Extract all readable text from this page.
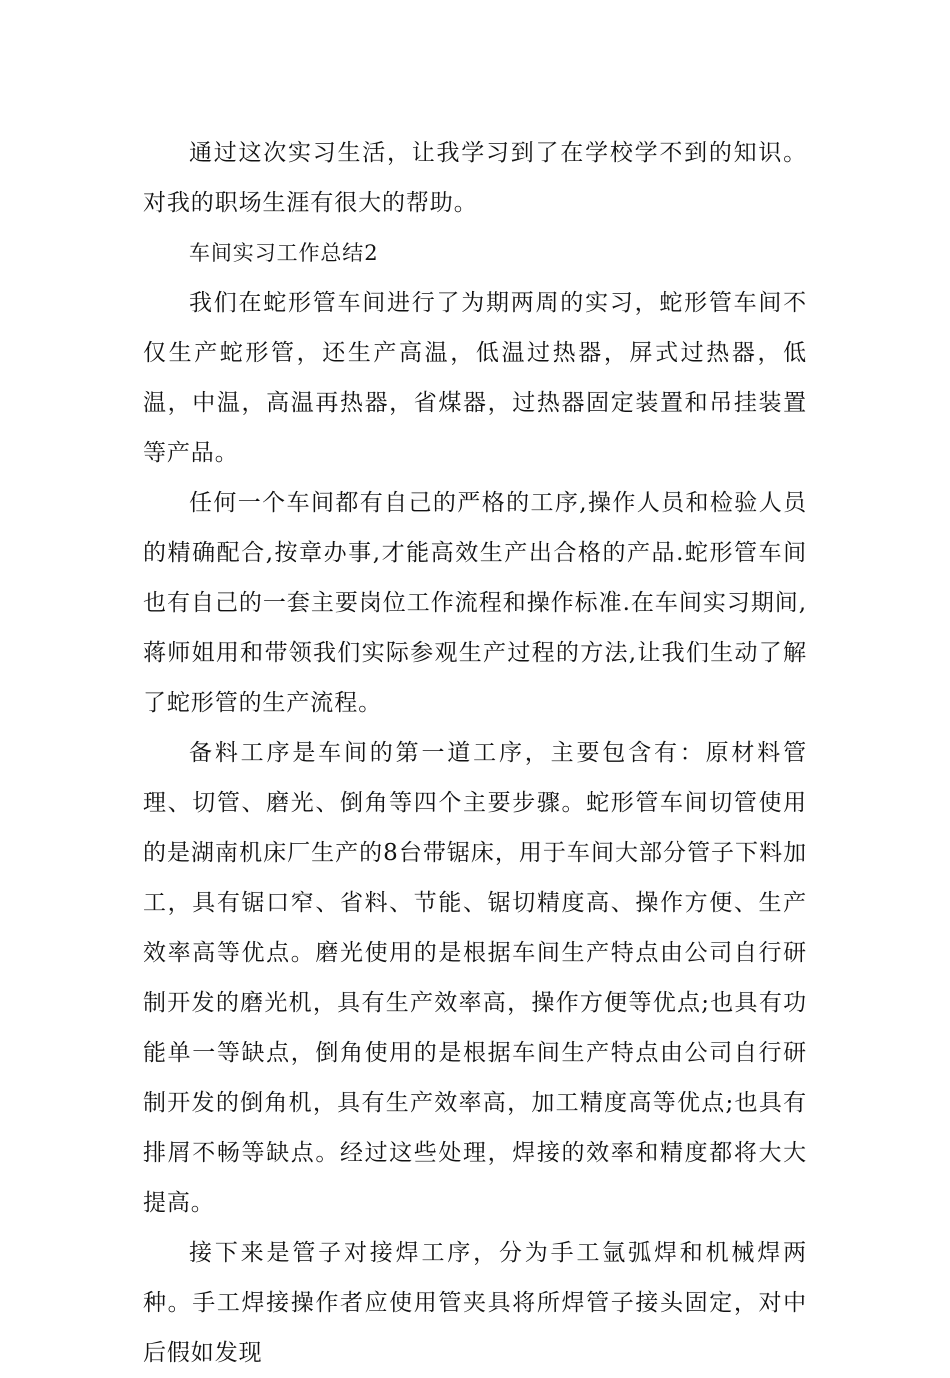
通过这次实习生活，让我学习到了在学校学不到的知识。对我的职场生涯有很大的帮助。

车间实习工作总结2

我们在蛇形管车间进行了为期两周的实习，蛇形管车间不仅生产蛇形管，还生产高温，低温过热器，屏式过热器，低温，中温，高温再热器，省煤器，过热器固定装置和吊挂装置等产品。

任何一个车间都有自己的严格的工序,操作人员和检验人员的精确配合,按章办事,才能高效生产出合格的产品.蛇形管车间也有自己的一套主要岗位工作流程和操作标准.在车间实习期间,蒋师姐用和带领我们实际参观生产过程的方法,让我们生动了解了蛇形管的生产流程。

备料工序是车间的第一道工序，主要包含有：原材料管理、切管、磨光、倒角等四个主要步骤。蛇形管车间切管使用的是湖南机床厂生产的8台带锯床，用于车间大部分管子下料加工，具有锯口窄、省料、节能、锯切精度高、操作方便、生产效率高等优点。磨光使用的是根据车间生产特点由公司自行研制开发的磨光机，具有生产效率高，操作方便等优点;也具有功能单一等缺点，倒角使用的是根据车间生产特点由公司自行研制开发的倒角机，具有生产效率高，加工精度高等优点;也具有排屑不畅等缺点。经过这些处理，焊接的效率和精度都将大大提高。

接下来是管子对接焊工序，分为手工氩弧焊和机械焊两种。手工焊接操作者应使用管夹具将所焊管子接头固定，对中后假如发现
